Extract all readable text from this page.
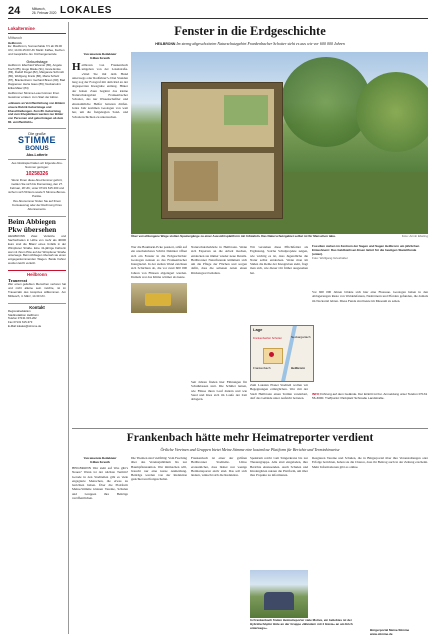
24	Mittwoch,
26. Februar 2020 LOKALES
Lokaltermine
Mittwoch
Heilbronn
Ev. Maulbronn, Sonnenhalde 7/1 ab 09.00 Uhr; 14.00-15.00 Uhr Markt: Kaffee, Kuchen und Gespräche. Ev. Kirchengemeinde
Geburtstage
Heilbronn: Eberhard Wiesner (80), Angela Koch (85), Hugo Mäule (91), Grete Emke (83), Rudolf Flegel (82), Margarete Schmidt (80), Wolfgang Frank (86), Maria Schulz (87), Brackenheim: Gerhard Braun (90); Bad Rappenau: Herta Gaus (89); Neckarsulm: Erika Maier (84)
Heilbronner Stimme-Leser können ihren Gewinner erraten: zum Start der Aktion.
»Hinweis an Veröffentlichung von Bildern unsere Rubrik Geburtstage und Eheschließungen. Zum 80. Geburtstag und zum Ehejubiläum werden nur Bilder von Personen und geburtstagen ab dem 80. veröffentlicht«
Die große
STIMME
BONUS
Abo-Lotterie
Aus Glückspiel hatten wir folgende Abo-Nummer gezogen:
10258326
Wenn Ihnen diese Abo-Nummer gehört, melden Sie sich bis Donnerstag, den 27. Februar, 18 Uhr, unter 07131 615 400 und sichern sich 50 Euro sowie 5 Stimme-Bonus-Punkte.
Ihre Abonummer finden Sie auf Ihrem Kontoauszug oder der Rechnung Ihres Abonnements.
Beim Abbiegen Pkw übersehen
HEILBRONN Zwei Verletzte und Sachschaden in Höhe von mehr als 40000 Euro sind die Bilanz eines Unfalls in der Wimpfener Straße. Eine 41-jährige Fahrerin war mit ihrem Pkw auf der Wimpfener Straße unterwegs. Beim Abbiegen übersah sie einen entgegenkommenden Wagen. Beide Fahrer wurden leicht verletzt.
Heilbronn
Trauerrat
Wer einen geliebten Menschen verloren hat und nicht alleine sein möchte, ist im Trauercafé des Hospizes willkommen. Am Mittwoch, 4. März, 14.30 Uhr.
Kontakt
Regionalredaktion
Stadtredaktion Heilbronn
Telefon 07131 615-262
Fax 07131 615-373
E-Mail lokales@stimme.de
Fenster in die Erdgeschichte
HEILBRONN Im streng abgeschotteten Naturschutzgebiet Frankenbacher Schotter sieht es aus wie vor 600 000 Jahren
Von unserem Redakteur
Kilian Krauth
Heilbronn von Frankenbach umgeben von der Lokalstraße. »Sind Sie mit dem Hund unterwegs oder Radfahrer?« Drei Stunden lang zog der Fotograf mit dem Rad an der abgesperrten Kiesgrube entlang. Hinter der hohen Zaun beginnt das kleine Naturschutzgebiet Frankenbacher Schotter, das nur Wissenschaftler und ehrenamtliche Helfer betreten dürfen. Jedes Jahr kommen Geologen von weit her, um die freigelegten Sand- und Schotterschichten zu untersuchen.
Über verschlungene Wege stoßen Spaziergänge zu einer Aussichtsplattform mit Infotafeln. Das Naturschutzgebiet selbst ist für Menschen tabu.	Foto: Armin Ebeling
Wer die Baumarkt-Ecke passiert, stößt auf ein unscheinbares Schild. Dahinter öffnet sich ein Fenster in die Erdgeschichte: Geologen nennen es das Frankenbacher Interglazial. In der steilen Wand zeichnen sich Schichten ab, die vor rund 600 000 Jahren von Flüssen abgelagert wurden. Damals war das Klima wärmer als heute.
Naturschutzbehörde in Heilbronn. Wenn sich Experten an die Arbeit machen, entdecken sie immer wieder neue Details. Heilbronner Naturfreunde kümmern sich um die Pflege der Flächen und sorgen dafür, dass die seltenen Arten einen Rückzugsort behalten.
Wir verstehen diese Pflichtfelder als Ergänzung. Solche Schulprojekte zeigen, wie wichtig es ist, dass Jugendliche die Natur selbst entdecken. Wenn man im Süden die Reihe der Kiesgruben sieht, fragt man sich, wie dieser Ort früher ausgesehen hat.
Fossilien stehen im Zentrum der Sagen und Sagen Heilbronn um jährlichen Einwohnern: Das Geldbüchsen Eisen liefert für die heutigen Skelettfunde (unten).
Foto: Wolfgang Grieshaber
Lage
Heilbronn
Frankenbach
Neckargartach
Frankenbacher Schotter
Seit Jahren finden hier Führungen für Schulklassen statt. Die Schüler lernen, wie Flüsse ihren Lauf ändern und wie Sand und Kies sich im Laufe der Zeit ablagern.
Zum Lokalen Planet Stadtteil wollen wir Begegnungen ermöglichen. Wer mit der Stadt Heilbronn einen Termin vereinbart, darf das Gelände unter Aufsicht betreten.
Vor 600 000 Jahren bildete sich hier eine Flussaue. Geologen haben in den Ablagerungen Reste von Waldelefanten, Nashörnern und Pferden gefunden, die damals im Neckartal lebten. Diese Funde sind heute im Museum zu sehen.
INFO Führung auf dem Gelände. Der Eintritt ist frei. Anmeldung unter Telefon 07131 56-3000. Treffpunkt: Parkplatz Schmalte Landstraße.
Frankenbach hätte mehr Heimatreporter verdient
Örtliche Vereinen und Gruppen bietet Meine.Stimme eine kostenlose Plattform für Berichte und Terminhinweise
Von unserem Redakteur
Kilian Krauth
HEILBRONN Wer steht auf Was gibt's Neues? Wann ist der nächste Termin? Gerade in den Stadtteilen gibt es viele engagierte Menschen, die etwas zu berichten haben. Über die Plattform Meine.Stimme können Vereine, Schulen und Gruppen ihre Beiträge veröffentlichen.
Die Themen sind vielfältig: Vom Fasching über das Vereinsjubiläum bis zur Baumpflanzaktion. Wer mitmachen will, braucht nur eine kurze Anmeldung. Beiträge werden von der Redaktion gesichtet und freigeschaltet.
Frankenbach ist einer der größten Heilbronner Stadtteile. Umso erstaunlicher, dass bisher nur wenige Heimatreporter aktiv sind. Das soll sich ändern, wünscht sich die Redaktion.
Spektrum reicht vom Sängerkranz bis zur Theatergruppe. Alle sind eingeladen, ihre Berichte einzusenden. Auch Schulen und Kindergärten nutzen die Plattform, um über ihre Projekte zu informieren.
In Frankenbach finden Heimatreporter viele Motive, ein beliebtes ist der Hybridschöpfer Hüte an der Gruppe »Wandern mit 4 Gäste« an am Erich unterwegs«.
Reagieren Vereine und Schulen, die in Bürgerportal über ihre Veranstaltungen oder Erfolge berichten, haben sie die Chance, dass ihr Beitrag auch in der Zeitung erscheint. Mehr Informationen gibt es online.
Bürgerportal Meine.Stimme www.stimme.de
